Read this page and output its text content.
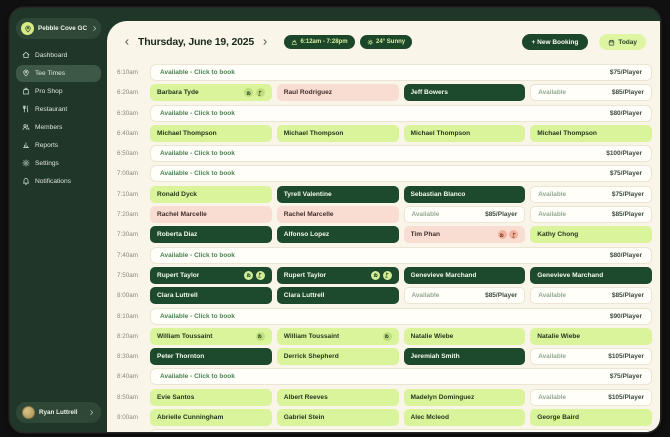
Pebble Cove GC
Dashboard
Tee Times
Pro Shop
Restaurant
Members
Reports
Settings
Notifications
Ryan Luttrell
Thursday, June 19, 2025	6:12am - 7:28pm	24° Sunny	+ New Booking	Today
6:10am	Available - Click to book	$75/Player
6:20am	Barbara Tyde	Raul Rodriguez	Jeff Bowers	Available	$85/Player
6:30am	Available - Click to book	$80/Player
6:40am	Michael Thompson	Michael Thompson	Michael Thompson	Michael Thompson
6:50am	Available - Click to book	$100/Player
7:00am	Available - Click to book	$75/Player
7:10am	Ronald Dyck	Tyrell Valentine	Sebastian Blanco	Available	$75/Player
7:20am	Rachel Marcelle	Rachel Marcelle	Available	$85/Player	Available	$85/Player
7:30am	Roberta Diaz	Alfonso Lopez	Tim Phan	Kathy Chong
7:40am	Available - Click to book	$80/Player
7:50am	Rupert Taylor	Rupert Taylor	Genevieve Marchand	Genevieve Marchand
8:00am	Clara Luttrell	Clara Luttrell	Available	$85/Player	Available	$85/Player
8:10am	Available - Click to book	$90/Player
8:20am	William Toussaint	William Toussaint	Natalie Wiebe	Natalie Wiebe
8:30am	Peter Thornton	Derrick Shepherd	Jeremiah Smith	Available	$105/Player
8:40am	Available - Click to book	$75/Player
8:50am	Evie Santos	Albert Reeves	Madelyn Dominguez	Available	$105/Player
9:00am	Abrielle Cunningham	Gabriel Stein	Alec Mcleod	George Baird
